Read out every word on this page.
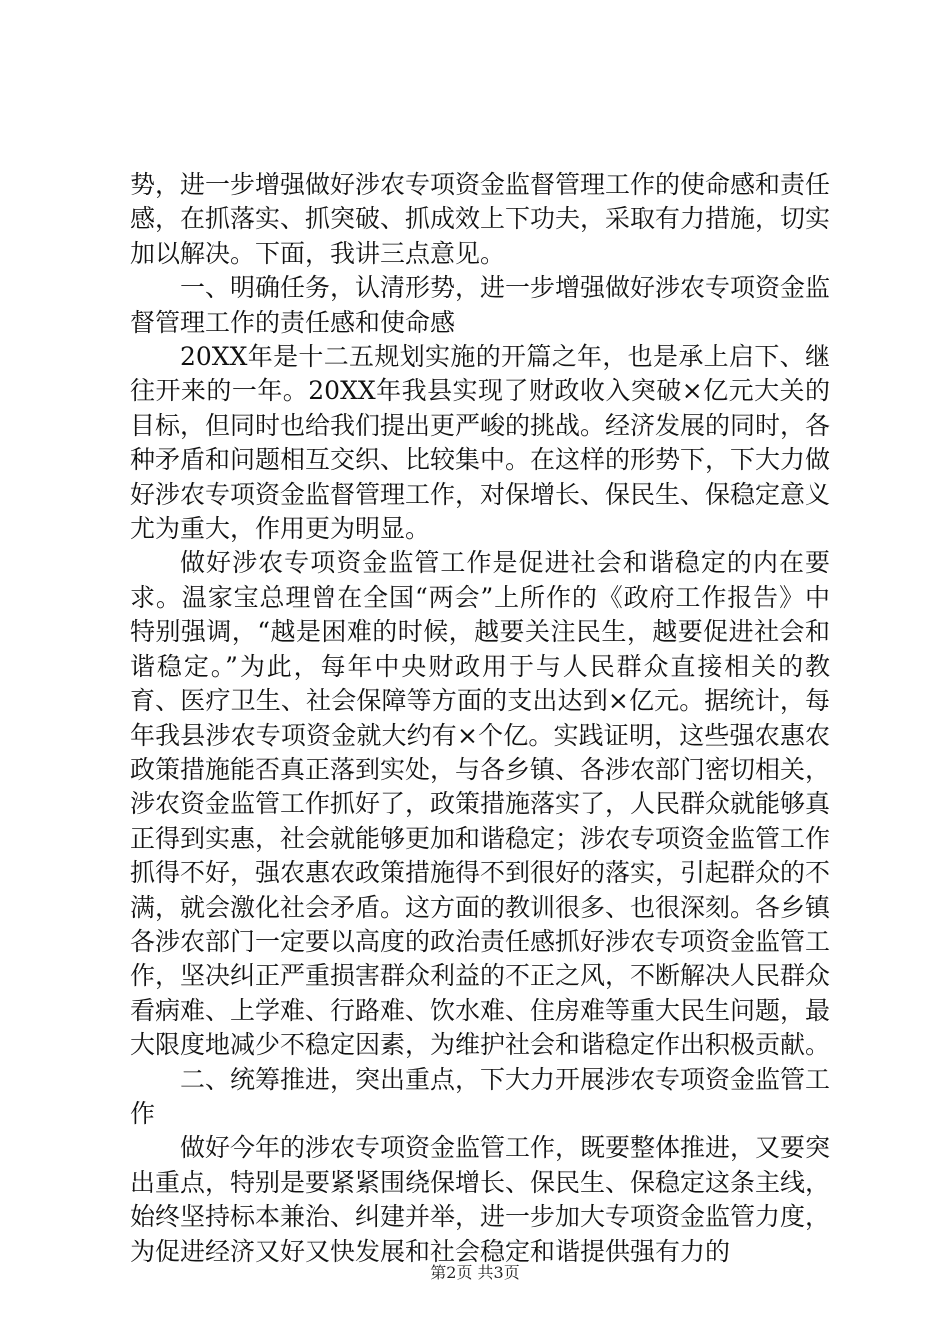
势，进一步增强做好涉农专项资金监督管理工作的使命感和责任感，在抓落实、抓突破、抓成效上下功夫，采取有力措施，切实加以解决。下面，我讲三点意见。

一、明确任务，认清形势，进一步增强做好涉农专项资金监督管理工作的责任感和使命感

20XX年是十二五规划实施的开篇之年，也是承上启下、继往开来的一年。20XX年我县实现了财政收入突破×亿元大关的目标，但同时也给我们提出更严峻的挑战。经济发展的同时，各种矛盾和问题相互交织、比较集中。在这样的形势下，下大力做好涉农专项资金监督管理工作，对保增长、保民生、保稳定意义尤为重大，作用更为明显。

做好涉农专项资金监管工作是促进社会和谐稳定的内在要求。温家宝总理曾在全国“两会”上所作的《政府工作报告》中特别强调，“越是困难的时候，越要关注民生，越要促进社会和谐稳定。”为此，每年中央财政用于与人民群众直接相关的教育、医疗卫生、社会保障等方面的支出达到×亿元。据统计，每年我县涉农专项资金就大约有×个亿。实践证明，这些强农惠农政策措施能否真正落到实处，与各乡镇、各涉农部门密切相关，涉农资金监管工作抓好了，政策措施落实了，人民群众就能够真正得到实惠，社会就能够更加和谐稳定；涉农专项资金监管工作抓得不好，强农惠农政策措施得不到很好的落实，引起群众的不满，就会激化社会矛盾。这方面的教训很多、也很深刻。各乡镇各涉农部门一定要以高度的政治责任感抓好涉农专项资金监管工作，坚决纠正严重损害群众利益的不正之风，不断解决人民群众看病难、上学难、行路难、饮水难、住房难等重大民生问题，最大限度地减少不稳定因素，为维护社会和谐稳定作出积极贡献。

二、统筹推进，突出重点，下大力开展涉农专项资金监管工作

做好今年的涉农专项资金监管工作，既要整体推进，又要突出重点，特别是要紧紧围绕保增长、保民生、保稳定这条主线，始终坚持标本兼治、纠建并举，进一步加大专项资金监管力度，为促进经济又好又快发展和社会稳定和谐提供强有力的

第2页 共3页
